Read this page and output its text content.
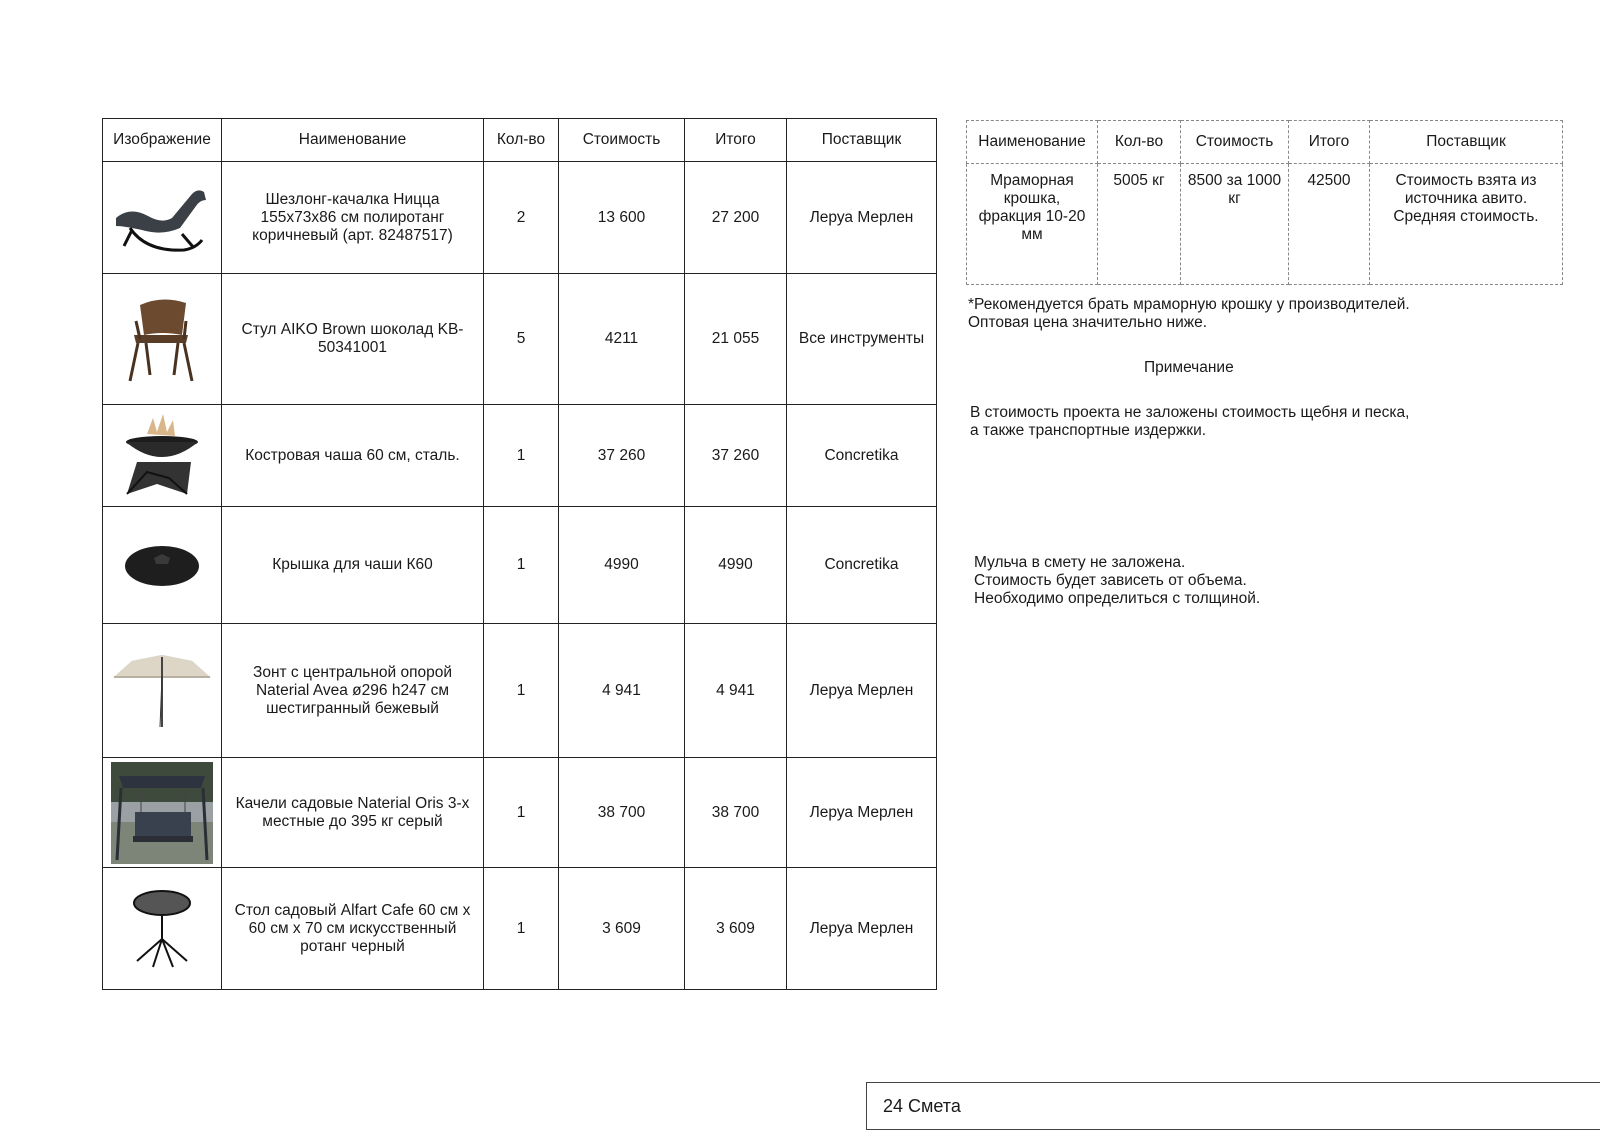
Изображение	Наименование	Кол-во	Стоимость	Итого	Поставщик

	Шезлонг-качалка Ницца 155x73x86 см полиротанг коричневый (арт. 82487517)	2	13 600	27 200	Леруа Мерлен

	Стул AIKO Brown шоколад KB-50341001	5	4211	21 055	Все инструменты

	Костровая чаша 60 см, сталь.	1	37 260	37 260	Concretika

	Крышка для чаши К60	1	4990	4990	Concretika

	Зонт с центральной опорой Naterial Avea ø296 h247 см шестигранный бежевый	1	4 941	4 941	Леруа Мерлен

	Качели садовые Naterial Oris 3-х местные до 395 кг серый	1	38 700	38 700	Леруа Мерлен

	Стол садовый Alfart Cafe 60 см x 60 см x 70 см искусственный ротанг черный	1	3 609	3 609	Леруа Мерлен
Наименование	Кол-во	Стоимость	Итого	Поставщик
Мраморная крошка, фракция 10-20 мм	5005 кг	8500 за 1000 кг	42500	Стоимость взята из источника авито. Средняя стоимость.
*Рекомендуется брать мраморную крошку у производителей.
Оптовая цена значительно ниже.
Примечание
В стоимость проекта не заложены стоимость щебня и песка,
а также транспортные издержки.
Мульча в смету не заложена.
Стоимость будет зависеть от объема.
Необходимо определиться с толщиной.
24 Смета
